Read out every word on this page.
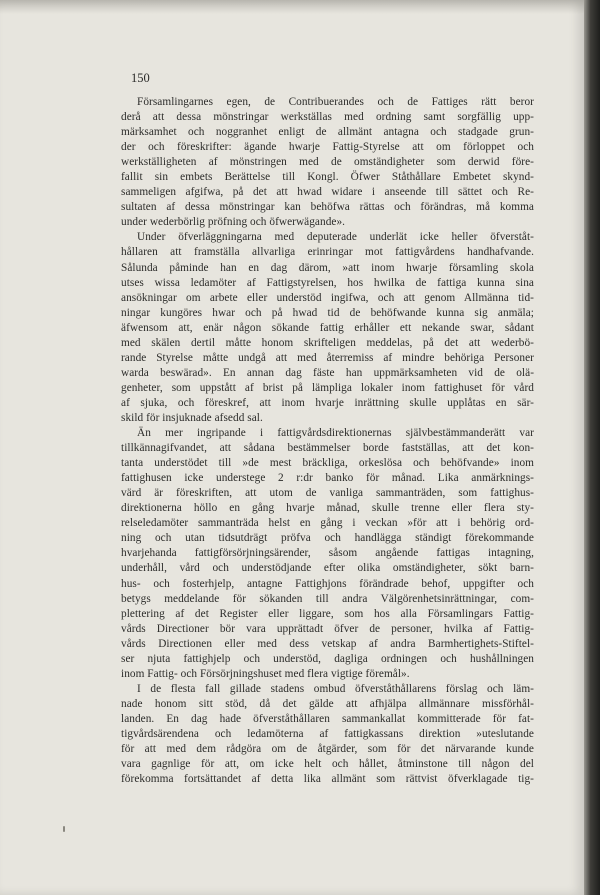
150
Församlingarnes egen, de Contribuerandes och de Fattiges rätt beror
derå att dessa mönstringar werkställas med ordning samt sorgfällig upp-
märksamhet och noggranhet enligt de allmänt antagna och stadgade grun-
der och föreskrifter: ägande hwarje Fattig-Styrelse att om förloppet och
werkställigheten af mönstringen med de omständigheter som derwid före-
fallit sin embets Berättelse till Kongl. Öfwer Ståthållare Embetet skynd-
sammeligen afgifwa, på det att hwad widare i anseende till sättet och Re-
sultaten af dessa mönstringar kan behöfwa rättas och förändras, må komma
under wederbörlig pröfning och öfwerwägande».
Under öfverläggningarna med deputerade underlät icke heller öfverståt-
hållaren att framställa allvarliga erinringar mot fattigvårdens handhafvande.
Sålunda påminde han en dag därom, »att inom hwarje församling skola
utses wissa ledamöter af Fattigstyrelsen, hos hwilka de fattiga kunna sina
ansökningar om arbete eller understöd ingifwa, och att genom Allmänna tid-
ningar kungöres hwar och på hwad tid de behöfwande kunna sig anmäla;
äfwensom att, enär någon sökande fattig erhåller ett nekande swar, sådant
med skälen dertil måtte honom skrifteligen meddelas, på det att wederbö-
rande Styrelse måtte undgå att med återremiss af mindre behöriga Personer
warda beswärad». En annan dag fäste han uppmärksamheten vid de olä-
genheter, som uppstått af brist på lämpliga lokaler inom fattighuset för vård
af sjuka, och föreskref, att inom hvarje inrättning skulle upplåtas en sär-
skild för insjuknade afsedd sal.
Än mer ingripande i fattigvårdsdirektionernas självbestämmanderätt var
tillkännagifvandet, att sådana bestämmelser borde fastställas, att det kon-
tanta understödet till »de mest bräckliga, orkeslösa och behöfvande» inom
fattighusen icke understege 2 r:dr banko för månad. Lika anmärknings-
värd är föreskriften, att utom de vanliga sammanträden, som fattighus-
direktionerna höllo en gång hvarje månad, skulle trenne eller flera sty-
relseledamöter sammanträda helst en gång i veckan »för att i behörig ord-
ning och utan tidsutdrägt pröfva och handlägga ständigt förekommande
hvarjehanda fattigförsörjningsärender, såsom angående fattigas intagning,
underhåll, vård och understödjande efter olika omständigheter, sökt barn-
hus- och fosterhjelp, antagne Fattighjons förändrade behof, uppgifter och
betygs meddelande för sökanden till andra Välgörenhetsinrättningar, com-
plettering af det Register eller liggare, som hos alla Församlingars Fattig-
vårds Directioner bör vara upprättadt öfver de personer, hvilka af Fattig-
vårds Directionen eller med dess vetskap af andra Barmhertighets-Stiftel-
ser njuta fattighjelp och understöd, dagliga ordningen och hushållningen
inom Fattig- och Försörjningshuset med flera vigtige föremål».
I de flesta fall gillade stadens ombud öfverståthållarens förslag och läm-
nade honom sitt stöd, då det gälde att afhjälpa allmännare missförhål-
landen. En dag hade öfverståthållaren sammankallat kommitterade för fat-
tigvårdsärendena och ledamöterna af fattigkassans direktion »uteslutande
för att med dem rådgöra om de åtgärder, som för det närvarande kunde
vara gagnlige för att, om icke helt och hållet, åtminstone till någon del
förekomma fortsättandet af detta lika allmänt som rättvist öfverklagade tig-
